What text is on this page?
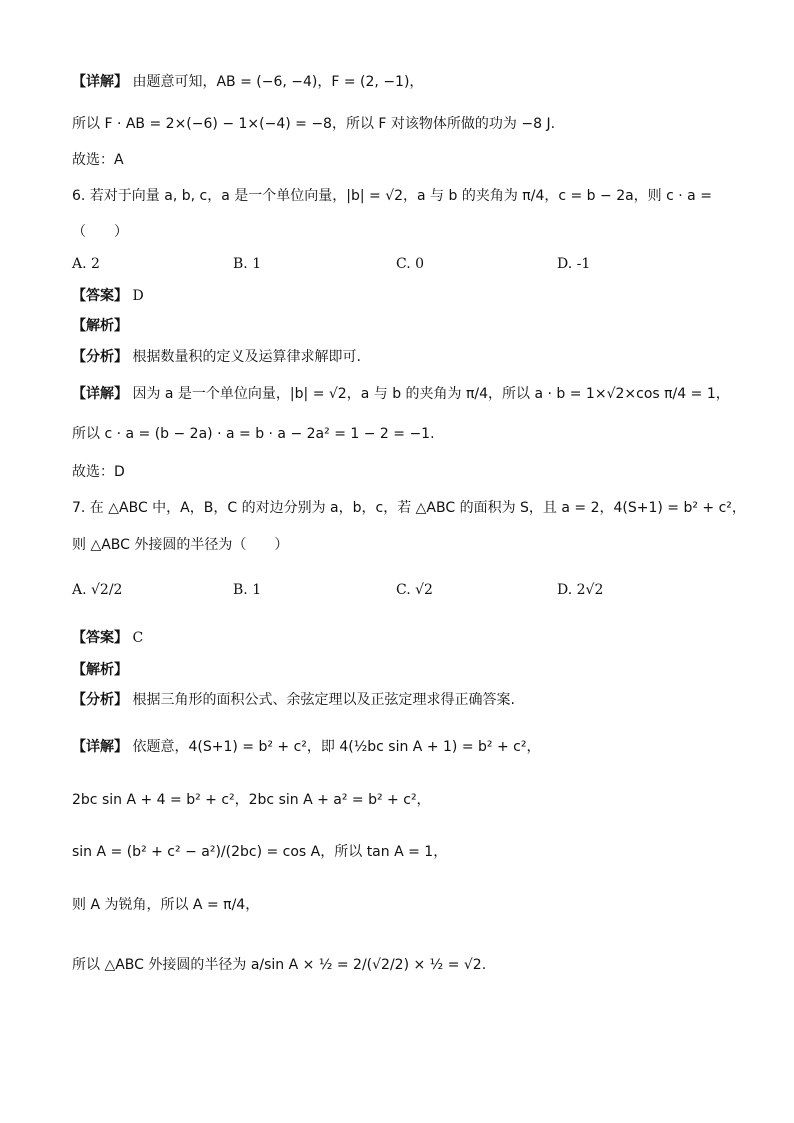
【详解】 由题意可知，AB = (−6, −4)，F = (2, −1)，
所以 F · AB = 2×(−6) − 1×(−4) = −8，所以 F 对该物体所做的功为 −8 J.
故选：A
6. 若对于向量 a, b, c，a 是一个单位向量，|b| = √2，a 与 b 的夹角为 π/4，c = b − 2a，则 c · a =
（　　）
A. 2	B. 1	C. 0	D. -1
【答案】 D
【解析】
【分析】 根据数量积的定义及运算律求解即可.
【详解】 因为 a 是一个单位向量，|b| = √2，a 与 b 的夹角为 π/4，所以 a · b = 1×√2×cos π/4 = 1，
所以 c · a = (b − 2a) · a = b · a − 2a² = 1 − 2 = −1.
故选：D
7. 在 △ABC 中，A，B，C 的对边分别为 a，b，c，若 △ABC 的面积为 S，且 a = 2，4(S+1) = b² + c²，
则 △ABC 外接圆的半径为（　　）
A. √2/2	B. 1	C. √2	D. 2√2
【答案】 C
【解析】
【分析】 根据三角形的面积公式、余弦定理以及正弦定理求得正确答案.
【详解】 依题意，4(S+1) = b² + c²，即 4(½bc sin A + 1) = b² + c²，
2bc sin A + 4 = b² + c²，2bc sin A + a² = b² + c²，
sin A = (b² + c² − a²)/(2bc) = cos A，所以 tan A = 1，
则 A 为锐角，所以 A = π/4，
所以 △ABC 外接圆的半径为 a/sin A × ½ = 2/(√2/2) × ½ = √2.
